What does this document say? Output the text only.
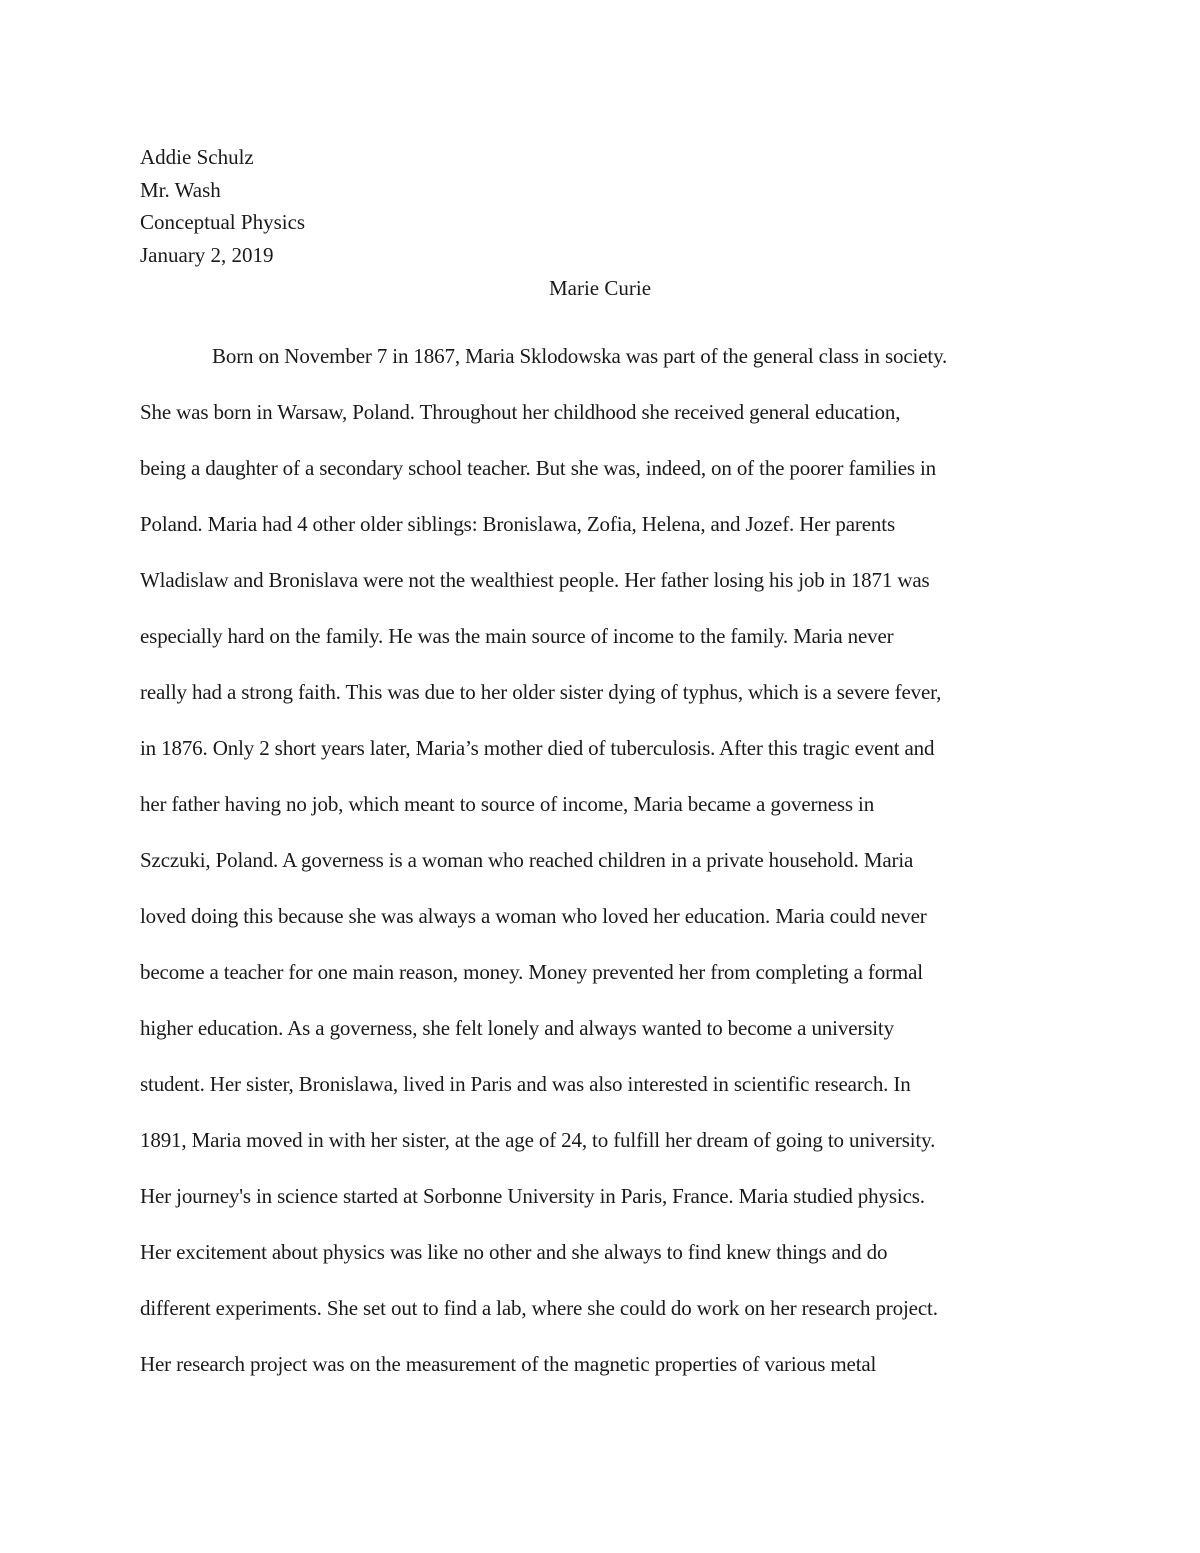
Addie Schulz
Mr. Wash
Conceptual Physics
January 2, 2019
Marie Curie
Born on November 7 in 1867, Maria Sklodowska was part of the general class in society.
She was born in Warsaw, Poland. Throughout her childhood she received general education,
being a daughter of a secondary school teacher. But she was, indeed, on of the poorer families in
Poland. Maria had 4 other older siblings: Bronislawa, Zofia, Helena, and Jozef. Her parents
Wladislaw and Bronislava were not the wealthiest people. Her father losing his job in 1871 was
especially hard on the family. He was the main source of income to the family. Maria never
really had a strong faith. This was due to her older sister dying of typhus, which is a severe fever,
in 1876. Only 2 short years later, Maria’s mother died of tuberculosis. After this tragic event and
her father having no job, which meant to source of income, Maria became a governess in
Szczuki, Poland. A governess is a woman who reached children in a private household. Maria
loved doing this because she was always a woman who loved her education. Maria could never
become a teacher for one main reason, money. Money prevented her from completing a formal
higher education. As a governess, she felt lonely and always wanted to become a university
student. Her sister, Bronislawa, lived in Paris and was also interested in scientific research. In
1891, Maria moved in with her sister, at the age of 24, to fulfill her dream of going to university.
Her journey's in science started at Sorbonne University in Paris, France. Maria studied physics.
Her excitement about physics was like no other and she always to find knew things and do
different experiments. She set out to find a lab, where she could do work on her research project.
Her research project was on the measurement of the magnetic properties of various metal
